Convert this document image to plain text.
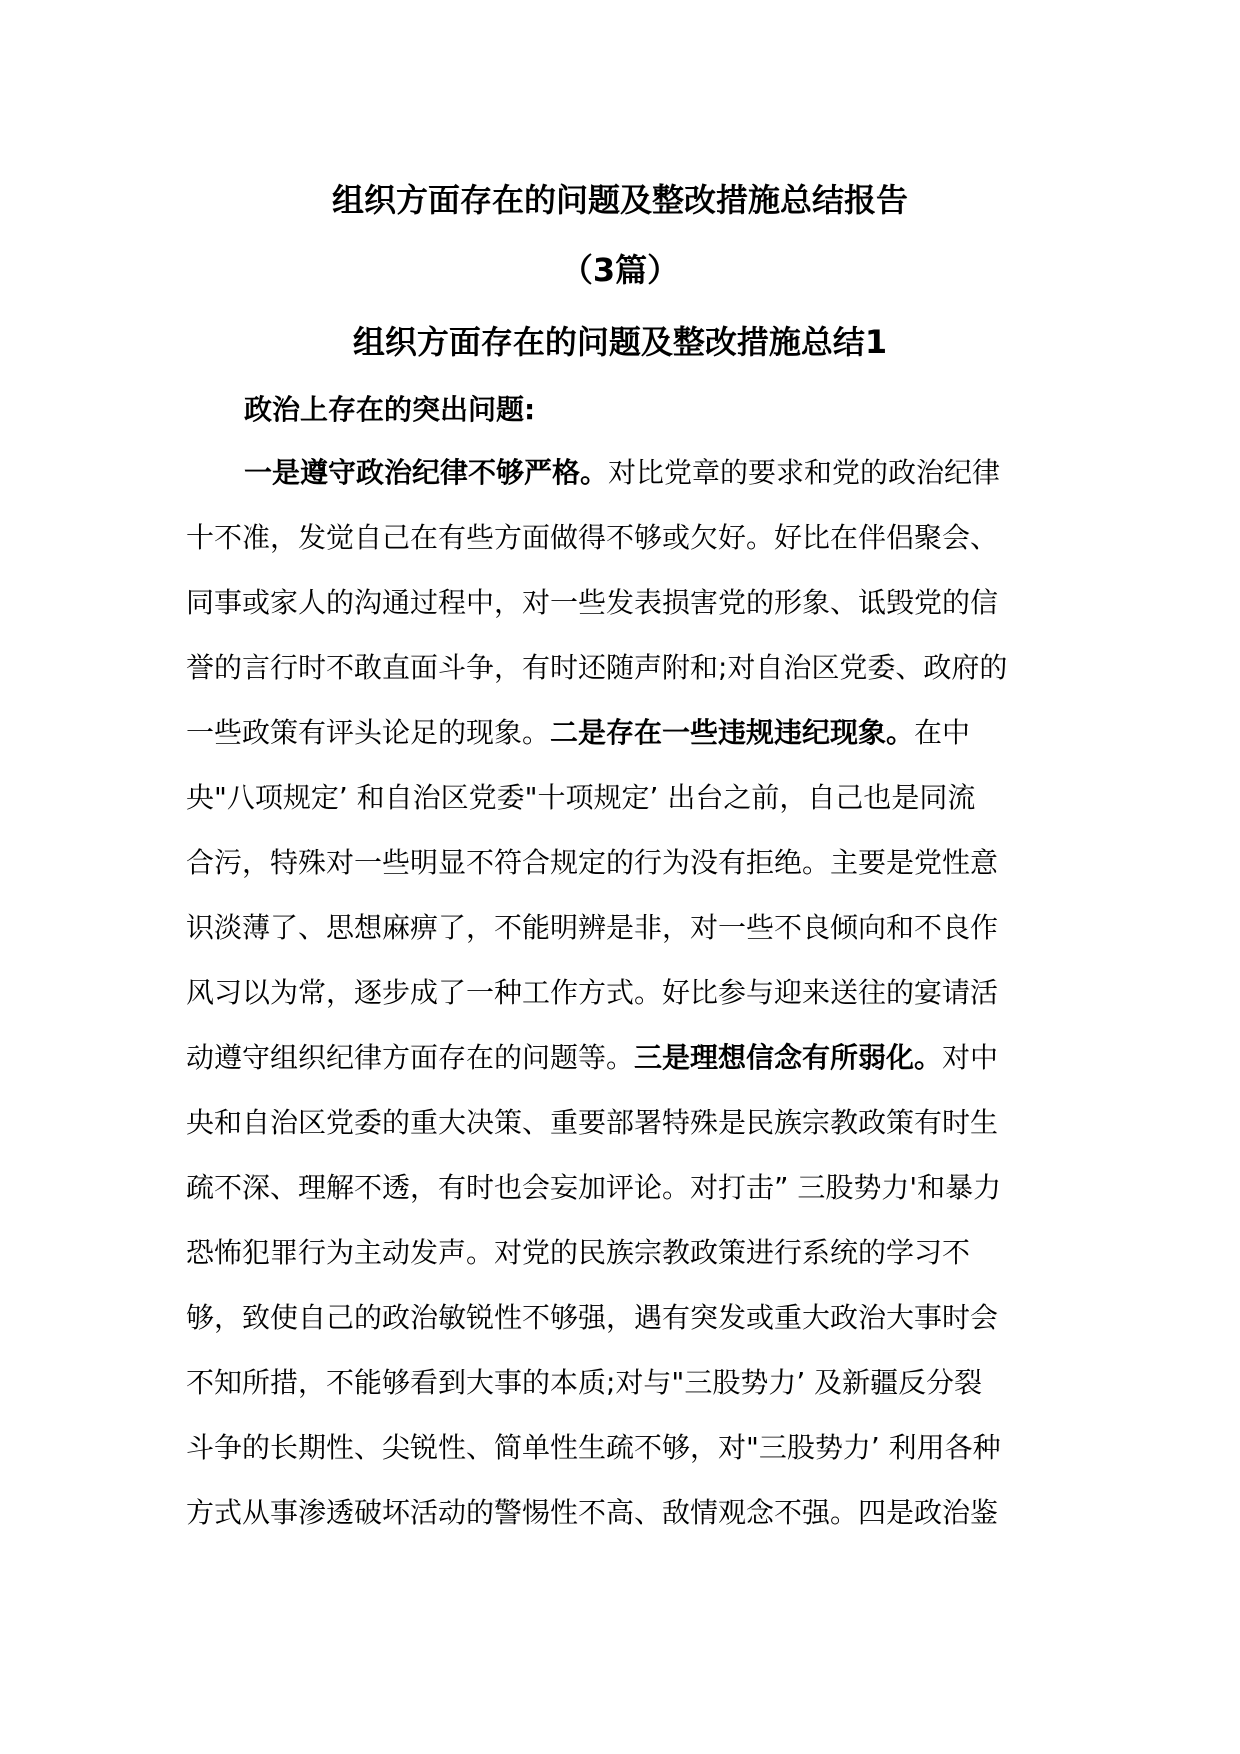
组织方面存在的问题及整改措施总结报告
（3篇）
组织方面存在的问题及整改措施总结1
政治上存在的突出问题:
一是遵守政治纪律不够严格。对比党章的要求和党的政治纪律
十不准，发觉自己在有些方面做得不够或欠好。好比在伴侣聚会、
同事或家人的沟通过程中，对一些发表损害党的形象、诋毁党的信
誉的言行时不敢直面斗争，有时还随声附和;对自治区党委、政府的
一些政策有评头论足的现象。二是存在一些违规违纪现象。在中
央"八项规定’ 和自治区党委"十项规定’ 出台之前，自己也是同流
合污，特殊对一些明显不符合规定的行为没有拒绝。主要是党性意
识淡薄了、思想麻痹了，不能明辨是非，对一些不良倾向和不良作
风习以为常，逐步成了一种工作方式。好比参与迎来送往的宴请活
动遵守组织纪律方面存在的问题等。三是理想信念有所弱化。对中
央和自治区党委的重大决策、重要部署特殊是民族宗教政策有时生
疏不深、理解不透，有时也会妄加评论。对打击” 三股势力'和暴力
恐怖犯罪行为主动发声。对党的民族宗教政策进行系统的学习不
够，致使自己的政治敏锐性不够强，遇有突发或重大政治大事时会
不知所措，不能够看到大事的本质;对与"三股势力’ 及新疆反分裂
斗争的长期性、尖锐性、简单性生疏不够，对"三股势力’ 利用各种
方式从事渗透破坏活动的警惕性不高、敌情观念不强。四是政治鉴
